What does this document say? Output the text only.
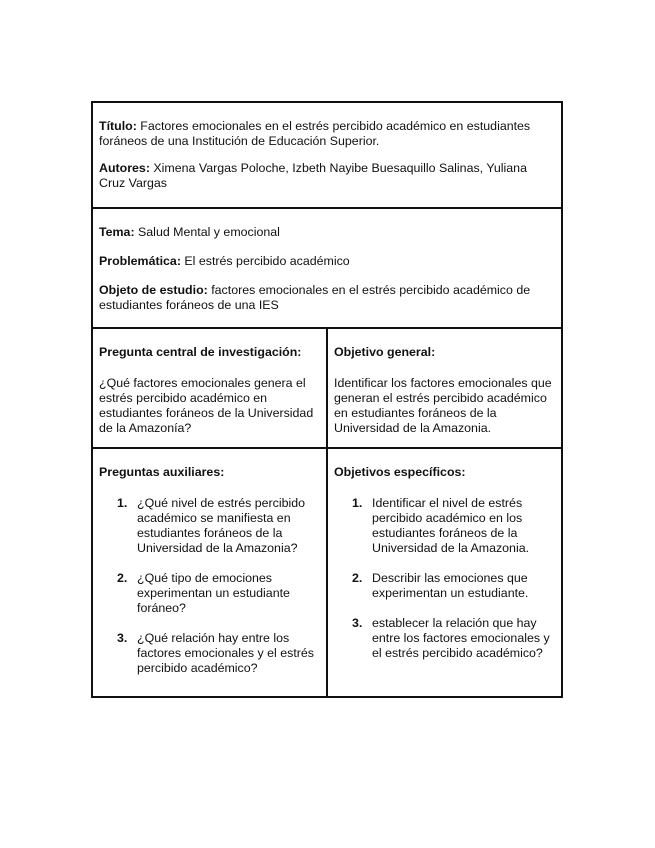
Título: Factores emocionales en el estrés percibido académico en estudiantes foráneos de una Institución de Educación Superior.

Autores: Ximena Vargas Poloche, Izbeth Nayibe Buesaquillo Salinas, Yuliana Cruz Vargas

Tema: Salud Mental y emocional

Problemática: El estrés percibido académico

Objeto de estudio: factores emocionales en el estrés percibido académico de estudiantes foráneos de una IES

Pregunta central de investigación:

¿Qué factores emocionales genera el estrés percibido académico en estudiantes foráneos de la Universidad de la Amazonía?

Objetivo general:

Identificar los factores emocionales que generan el estrés percibido académico en estudiantes foráneos de la Universidad de la Amazonia.

Preguntas auxiliares:

1. ¿Qué nivel de estrés percibido académico se manifiesta en estudiantes foráneos de la Universidad de la Amazonia?
2. ¿Qué tipo de emociones experimentan un estudiante foráneo?
3. ¿Qué relación hay entre los factores emocionales y el estrés percibido académico?

Objetivos específicos:

1. Identificar el nivel de estrés percibido académico en los estudiantes foráneos de la Universidad de la Amazonia.
2. Describir las emociones que experimentan un estudiante.
3. establecer la relación que hay entre los factores emocionales y el estrés percibido académico?
